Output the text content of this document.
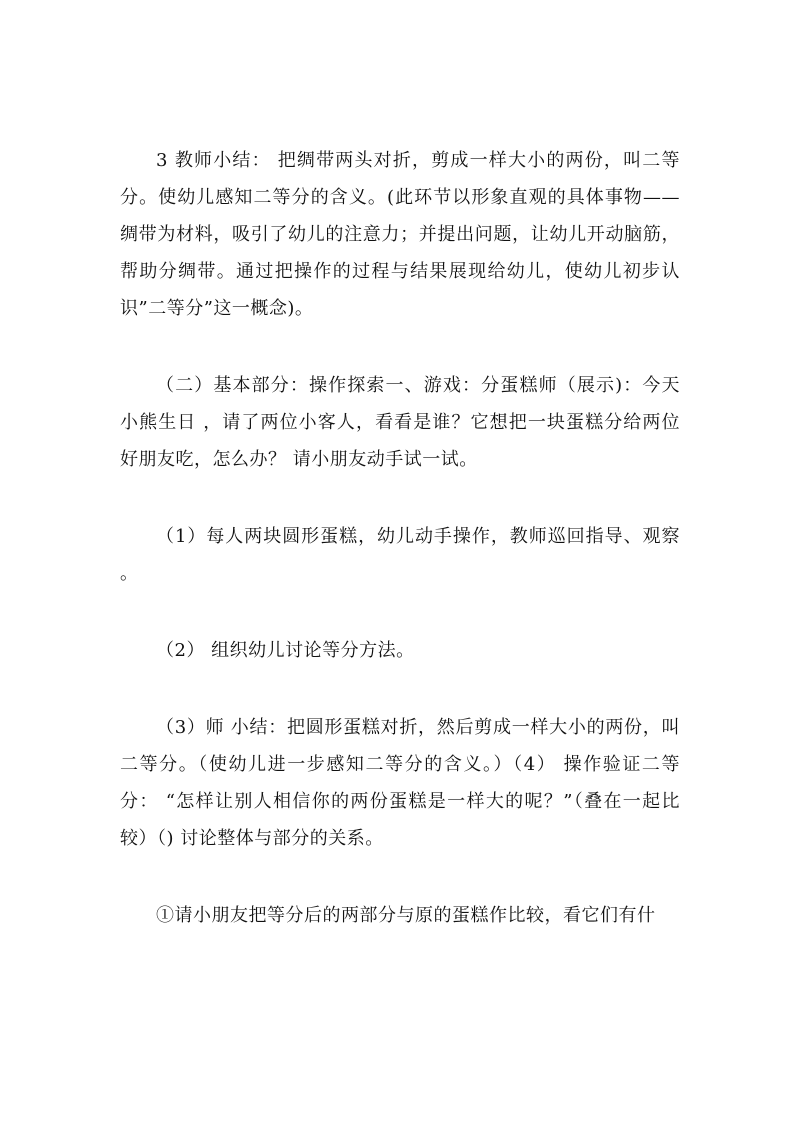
3 教师小结： 把绸带两头对折，剪成一样大小的两份，叫二等分。使幼儿感知二等分的含义。(此环节以形象直观的具体事物——绸带为材料，吸引了幼儿的注意力；并提出问题，让幼儿开动脑筋，帮助分绸带。通过把操作的过程与结果展现给幼儿，使幼儿初步认识”二等分”这一概念)。

（二）基本部分：操作探索一、游戏：分蛋糕师（展示)：今天小熊生日 ，请了两位小客人，看看是谁？它想把一块蛋糕分给两位好朋友吃，怎么办？ 请小朋友动手试一试。

（1）每人两块圆形蛋糕，幼儿动手操作，教师巡回指导、观察 。

（2） 组织幼儿讨论等分方法。

（3）师 小结：把圆形蛋糕对折，然后剪成一样大小的两份，叫二等分。（使幼儿进一步感知二等分的含义。）（4） 操作验证二等分： “怎样让别人相信你的两份蛋糕是一样大的呢？”（叠在一起比较）（) 讨论整体与部分的关系。

①请小朋友把等分后的两部分与原的蛋糕作比较，看它们有什
